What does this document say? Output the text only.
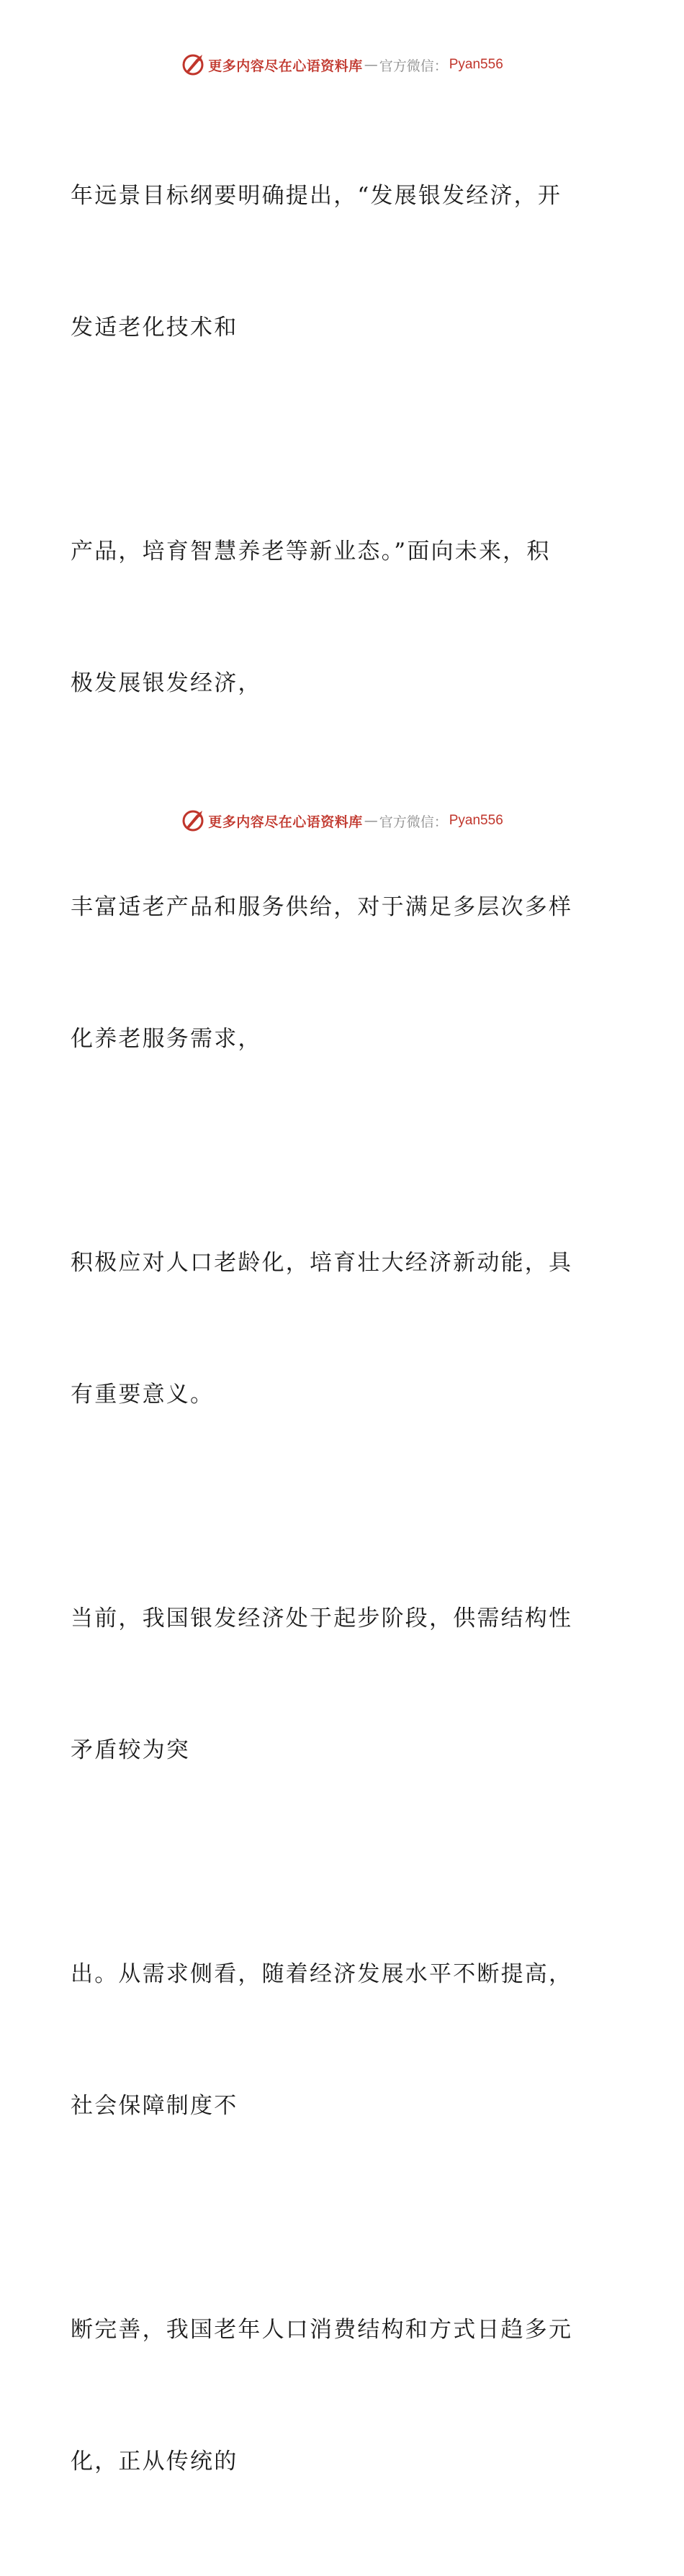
更多内容尽在心语资料库 — 官方微信： Pyan556

年远景目标纲要明确提出，“发展银发经济，开

发适老化技术和

产品，培育智慧养老等新业态。”面向未来，积

极发展银发经济，

丰富适老产品和服务供给，对于满足多层次多样

化养老服务需求，

积极应对人口老龄化，培育壮大经济新动能，具

有重要意义。

当前，我国银发经济处于起步阶段，供需结构性

矛盾较为突

出。从需求侧看，随着经济发展水平不断提高，

社会保障制度不

断完善，我国老年人口消费结构和方式日趋多元

化，正从传统的

更多内容尽在心语资料库 — 官方微信： Pyan556
